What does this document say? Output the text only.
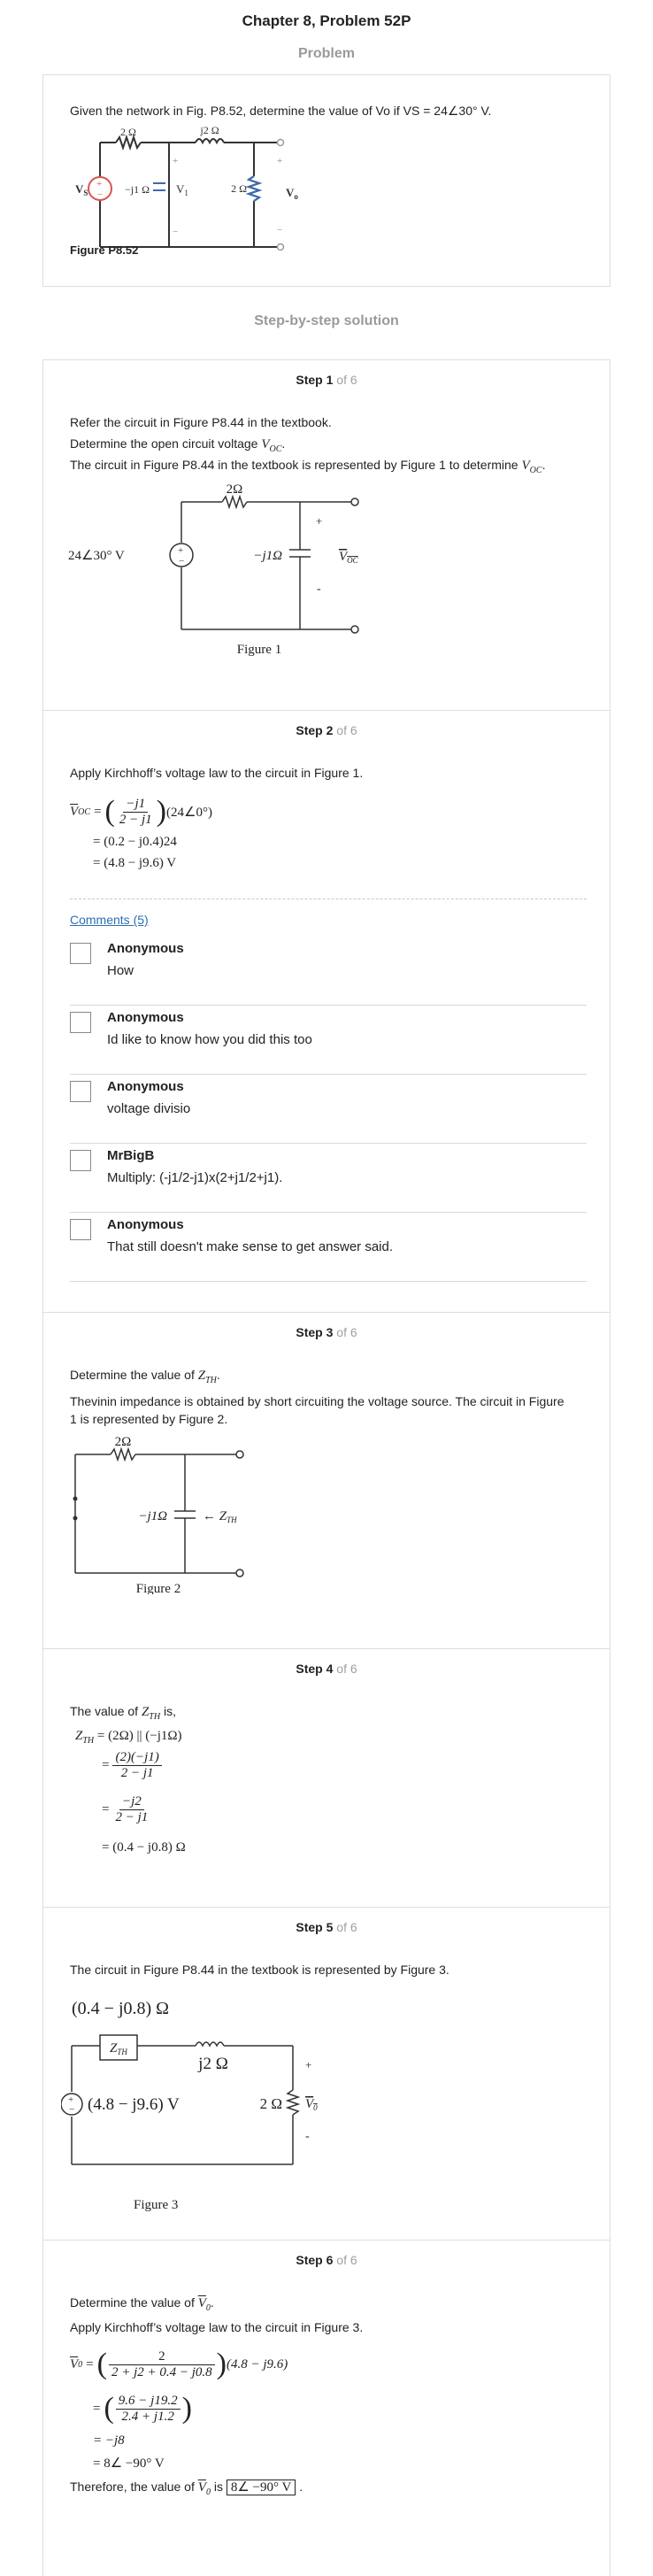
Chapter 8, Problem 52P
Problem
Given the network in Fig. P8.52, determine the value of Vo if VS = 24∠30° V.
+
−
2 Ω	j2 Ω
−j1 Ω	2 Ω
$V_S$	$V_1$
+
−
+
−
$V_o$
Figure P8.52
Step-by-step solution
Step 1 of 6
Refer the circuit in Figure P8.44 in the textbook.
Determine the open circuit voltage $V_{OC}$.
The circuit in Figure P8.44 in the textbook is represented by Figure 1 to determine $V_{OC}$.
+
−
2Ω
24∠30° V	−j1Ω
+
-
$V_{OC}$
Figure 1
Step 2 of 6
Apply Kirchhoff’s voltage law to the circuit in Figure 1.
$\overline{V}$ OC = ( $\frac{-j1}{2 - j1}$ ) (24∠0°)
= (0.2 − j0.4)24
= (4.8 − j9.6) V
Comments (5)
Anonymous
How
Anonymous
Id like to know how you did this too
Anonymous
voltage divisio
MrBigB
Multiply: (-j1/2-j1)x(2+j1/2+j1).
Anonymous
That still doesn't make sense to get answer said.
Step 3 of 6
Determine the value of $Z_{TH}$.
Thevinin impedance is obtained by short circuiting the voltage source. The circuit in Figure
1 is represented by Figure 2.
2Ω
−j1Ω	← $Z_{TH}$
Figure 2
Step 4 of 6
The value of $Z_{TH}$ is,
$Z_{TH} = (2\Omega)$ || (−j1Ω)
= $\frac{(2)(-j1)}{2 - j1}$
= $\frac{-j2}{2 - j1}$
= (0.4 − j0.8) Ω
Step 5 of 6
The circuit in Figure P8.44 in the textbook is represented by Figure 3.
+
−
(0.4 − j0.8) Ω
$Z_{TH}$
j2 Ω
(4.8 − j9.6) V	2 Ω
+
-
$V_0$
Figure 3
Step 6 of 6
Determine the value of $\overline{V}_0$.
Apply Kirchhoff’s voltage law to the circuit in Figure 3.
$\overline{V}$ 0 = ( $\frac{2}{2 + j2 + 0.4 - j0.8}$ ) (4.8 − j9.6)
= ( $\frac{9.6 - j19.2}{2.4 + j1.2}$ )
= −j8
= 8∠ −90° V
Therefore, the value of $\overline{V}_0$ is 8∠ −90° V .
